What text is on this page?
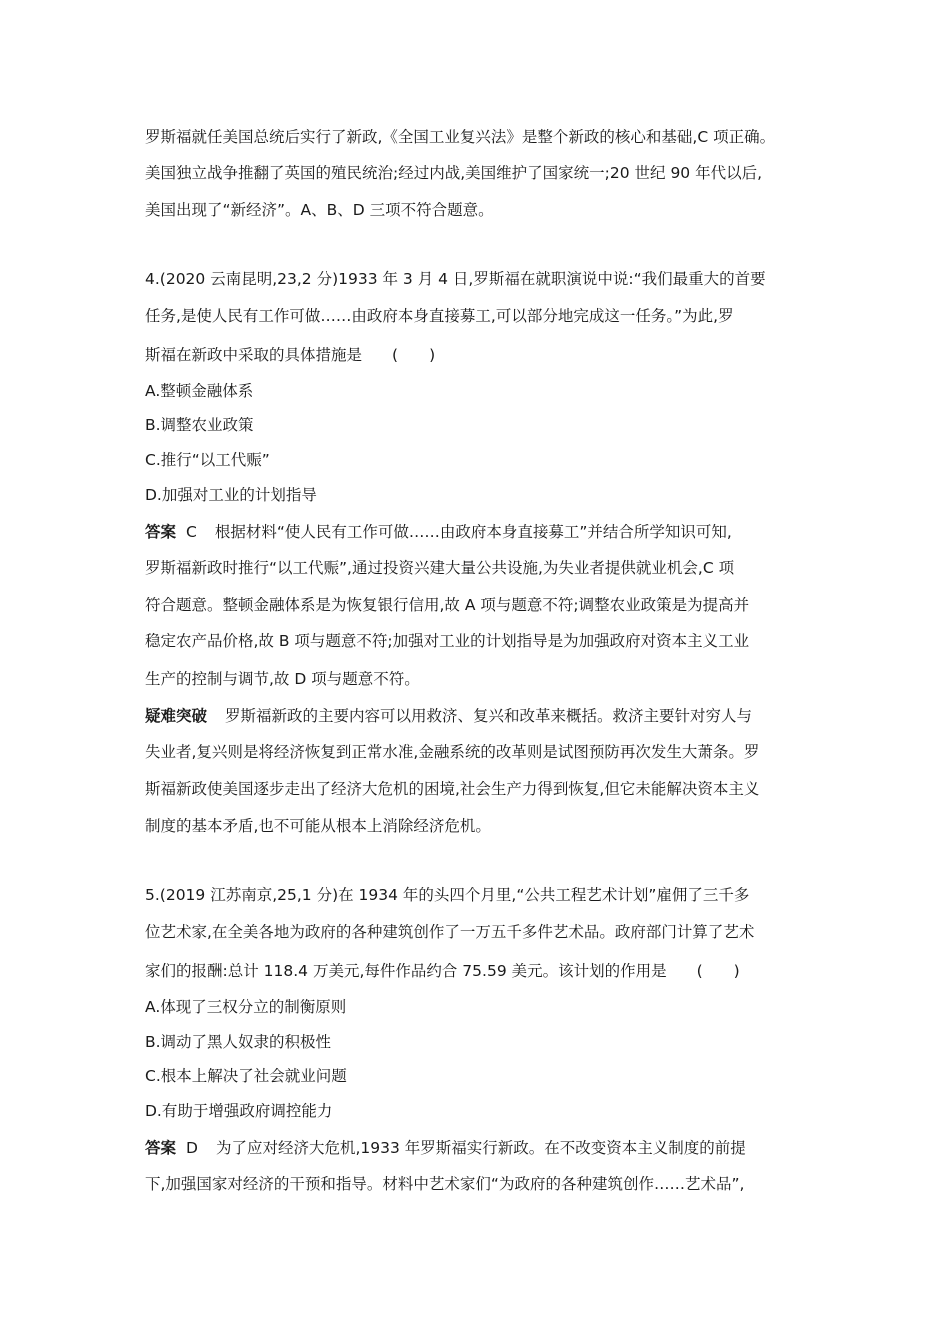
罗斯福就任美国总统后实行了新政,《全国工业复兴法》是整个新政的核心和基础,C 项正确。
美国独立战争推翻了英国的殖民统治;经过内战,美国维护了国家统一;20 世纪 90 年代以后,
美国出现了“新经济”。A、B、D 三项不符合题意。
4.(2020 云南昆明,23,2 分)1933 年 3 月 4 日,罗斯福在就职演说中说:“我们最重大的首要
任务,是使人民有工作可做……由政府本身直接募工,可以部分地完成这一任务。”为此,罗
斯福在新政中采取的具体措施是 (　　)
A.整顿金融体系
B.调整农业政策
C.推行“以工代赈”
D.加强对工业的计划指导
答案 C 根据材料“使人民有工作可做……由政府本身直接募工”并结合所学知识可知,
罗斯福新政时推行“以工代赈”,通过投资兴建大量公共设施,为失业者提供就业机会,C 项
符合题意。整顿金融体系是为恢复银行信用,故 A 项与题意不符;调整农业政策是为提高并
稳定农产品价格,故 B 项与题意不符;加强对工业的计划指导是为加强政府对资本主义工业
生产的控制与调节,故 D 项与题意不符。
疑难突破 罗斯福新政的主要内容可以用救济、复兴和改革来概括。救济主要针对穷人与
失业者,复兴则是将经济恢复到正常水准,金融系统的改革则是试图预防再次发生大萧条。罗
斯福新政使美国逐步走出了经济大危机的困境,社会生产力得到恢复,但它未能解决资本主义
制度的基本矛盾,也不可能从根本上消除经济危机。
5.(2019 江苏南京,25,1 分)在 1934 年的头四个月里,“公共工程艺术计划”雇佣了三千多
位艺术家,在全美各地为政府的各种建筑创作了一万五千多件艺术品。政府部门计算了艺术
家们的报酬:总计 118.4 万美元,每件作品约合 75.59 美元。该计划的作用是 (　　)
A.体现了三权分立的制衡原则
B.调动了黑人奴隶的积极性
C.根本上解决了社会就业问题
D.有助于增强政府调控能力
答案 D 为了应对经济大危机,1933 年罗斯福实行新政。在不改变资本主义制度的前提
下,加强国家对经济的干预和指导。材料中艺术家们“为政府的各种建筑创作……艺术品”,
